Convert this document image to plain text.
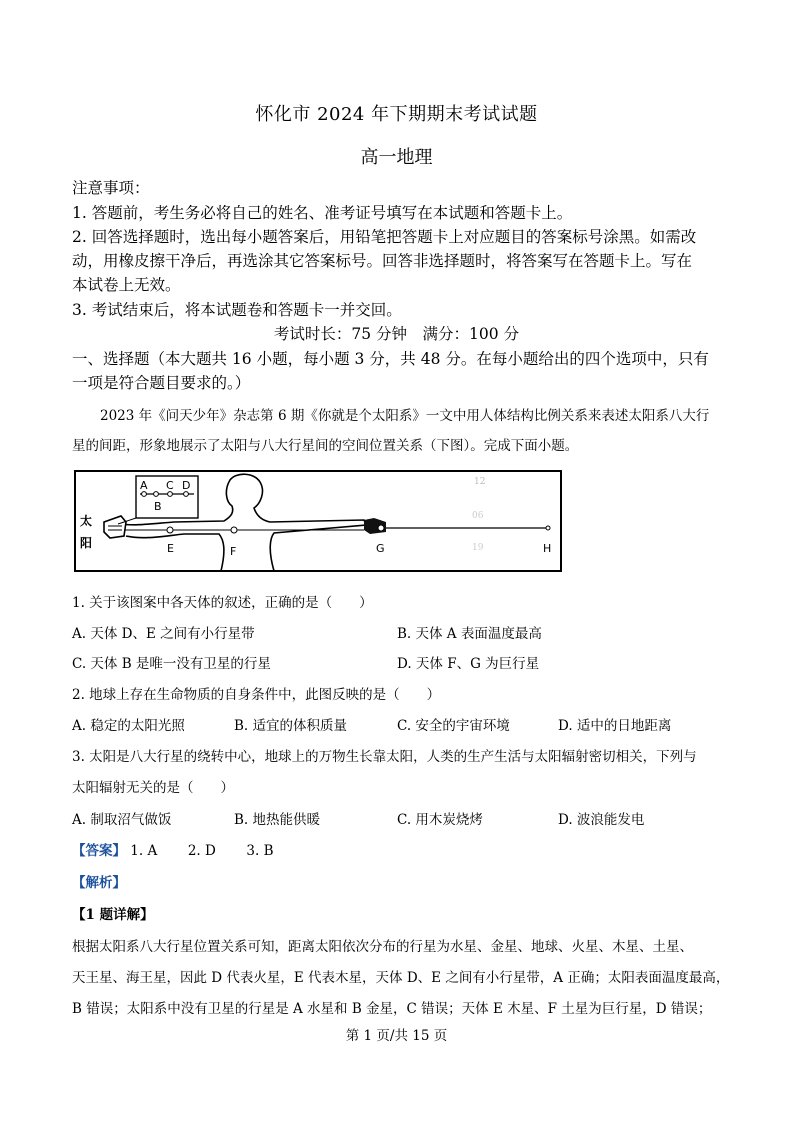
怀化市 2024 年下期期末考试试题
高一地理
注意事项：
1. 答题前，考生务必将自己的姓名、准考证号填写在本试题和答题卡上。
2. 回答选择题时，选出每小题答案后，用铅笔把答题卡上对应题目的答案标号涂黑。如需改
动，用橡皮擦干净后，再选涂其它答案标号。回答非选择题时，将答案写在答题卡上。写在
本试卷上无效。
3. 考试结束后，将本试题卷和答题卡一并交回。
考试时长：75 分钟　满分：100 分
一、选择题（本大题共 16 小题，每小题 3 分，共 48 分。在每小题给出的四个选项中，只有
一项是符合题目要求的。）
2023 年《问天少年》杂志第 6 期《你就是个太阳系》一文中用人体结构比例关系来表述太阳系八大行
星的间距，形象地展示了太阳与八大行星间的空间位置关系（下图）。完成下面小题。
12
06
19
太
阳
A
B
C D
E	F	G	H
1. 关于该图案中各天体的叙述，正确的是（　　）
A. 天体 D、E 之间有小行星带	B. 天体 A 表面温度最高
C. 天体 B 是唯一没有卫星的行星	D. 天体 F、G 为巨行星
2. 地球上存在生命物质的自身条件中，此图反映的是（　　）
A. 稳定的太阳光照	B. 适宜的体积质量	C. 安全的宇宙环境	D. 适中的日地距离
3. 太阳是八大行星的绕转中心，地球上的万物生长靠太阳，人类的生产生活与太阳辐射密切相关，下列与
太阳辐射无关的是（　　）
A. 制取沼气做饭	B. 地热能供暖	C. 用木炭烧烤	D. 波浪能发电
【答案】 1. A 2. D 3. B
【解析】
【1 题详解】
根据太阳系八大行星位置关系可知，距离太阳依次分布的行星为水星、金星、地球、火星、木星、土星、
天王星、海王星，因此 D 代表火星，E 代表木星，天体 D、E 之间有小行星带，A 正确；太阳表面温度最高，
B 错误；太阳系中没有卫星的行星是 A 水星和 B 金星，C 错误；天体 E 木星、F 土星为巨行星，D 错误；
第 1 页/共 15 页
